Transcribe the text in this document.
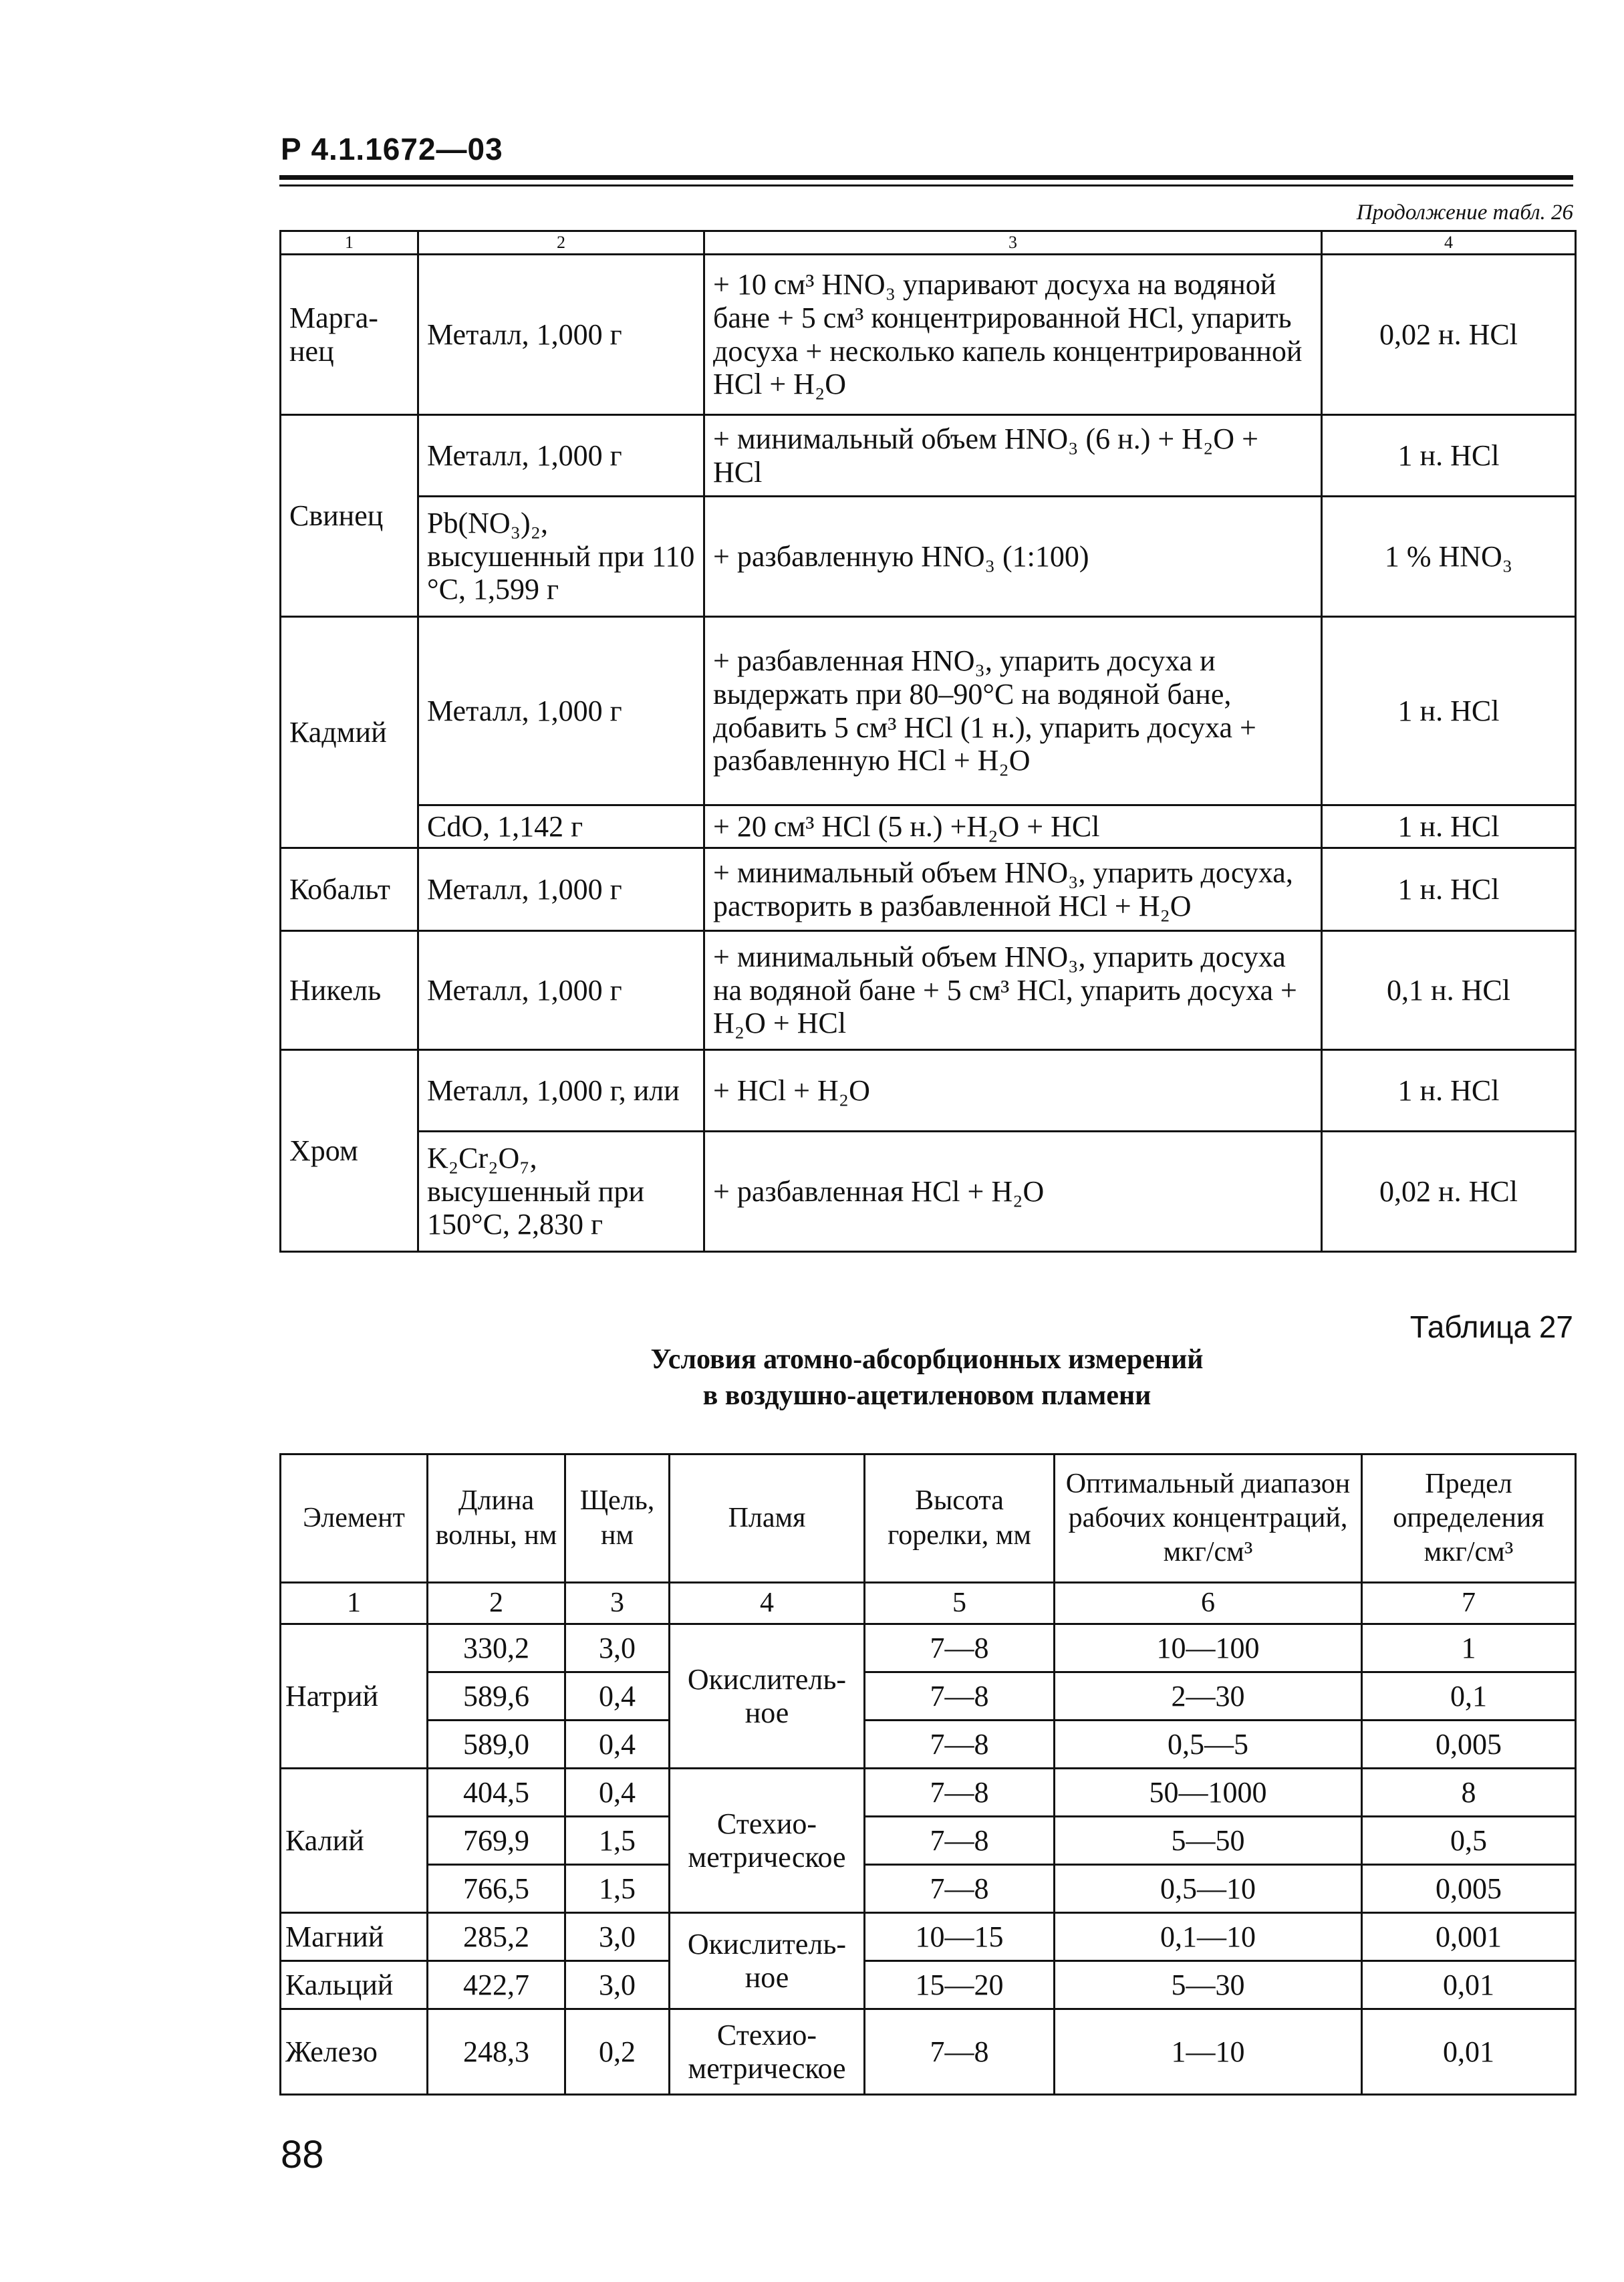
Р 4.1.1672—03
Продолжение табл. 26
1	2	3	4
Марга-нец	Металл, 1,000 г	+ 10 см³ HNO₃ упаривают досуха на водяной бане + 5 см³ концентрированной HCl, упарить досуха + несколько капель концентрированной HCl + H₂O	0,02 н. HCl
Свинец	Металл, 1,000 г	+ минимальный объем HNO₃ (6 н.) + H₂O + HCl	1 н. HCl
	Pb(NO₃)₂, высушенный при 110 °С, 1,599 г	+ разбавленную HNO₃ (1:100)	1 % HNO₃
Кадмий	Металл, 1,000 г	+ разбавленная HNO₃, упарить досуха и выдержать при 80–90°С на водяной бане, добавить 5 см³ HCl (1 н.), упарить досуха + разбавленную HCl + H₂O	1 н. HCl
	CdO, 1,142 г	+ 20 см³ HCl (5 н.) +H₂O + HCl	1 н. HCl
Кобальт	Металл, 1,000 г	+ минимальный объем HNO₃, упарить досуха, растворить в разбавленной HCl + H₂O	1 н. HCl
Никель	Металл, 1,000 г	+ минимальный объем HNO₃, упарить досуха на водяной бане + 5 см³ HCl, упарить досуха + H₂O + HCl	0,1 н. HCl
Хром	Металл, 1,000 г, или	+ HCl + H₂O	1 н. HCl
	K₂Cr₂O₇, высушенный при 150°С, 2,830 г	+ разбавленная HCl + H₂O	0,02 н. HCl
Таблица 27
Условия атомно-абсорбционных измерений
в воздушно-ацетиленовом пламени
Элемент	Длина волны, нм	Щель, нм	Пламя	Высота горелки, мм	Оптимальный диапазон рабочих концентраций, мкг/см³	Предел определения мкг/см³
1	2	3	4	5	6	7
Натрий	330,2	3,0	Окислитель-ное	7—8	10—100	1
	589,6	0,4		7—8	2—30	0,1
	589,0	0,4		7—8	0,5—5	0,005
Калий	404,5	0,4	Стехио-метрическое	7—8	50—1000	8
	769,9	1,5		7—8	5—50	0,5
	766,5	1,5		7—8	0,5—10	0,005
Магний	285,2	3,0	Окислитель-ное	10—15	0,1—10	0,001
Кальций	422,7	3,0		15—20	5—30	0,01
Железо	248,3	0,2	Стехио-метрическое	7—8	1—10	0,01
88
